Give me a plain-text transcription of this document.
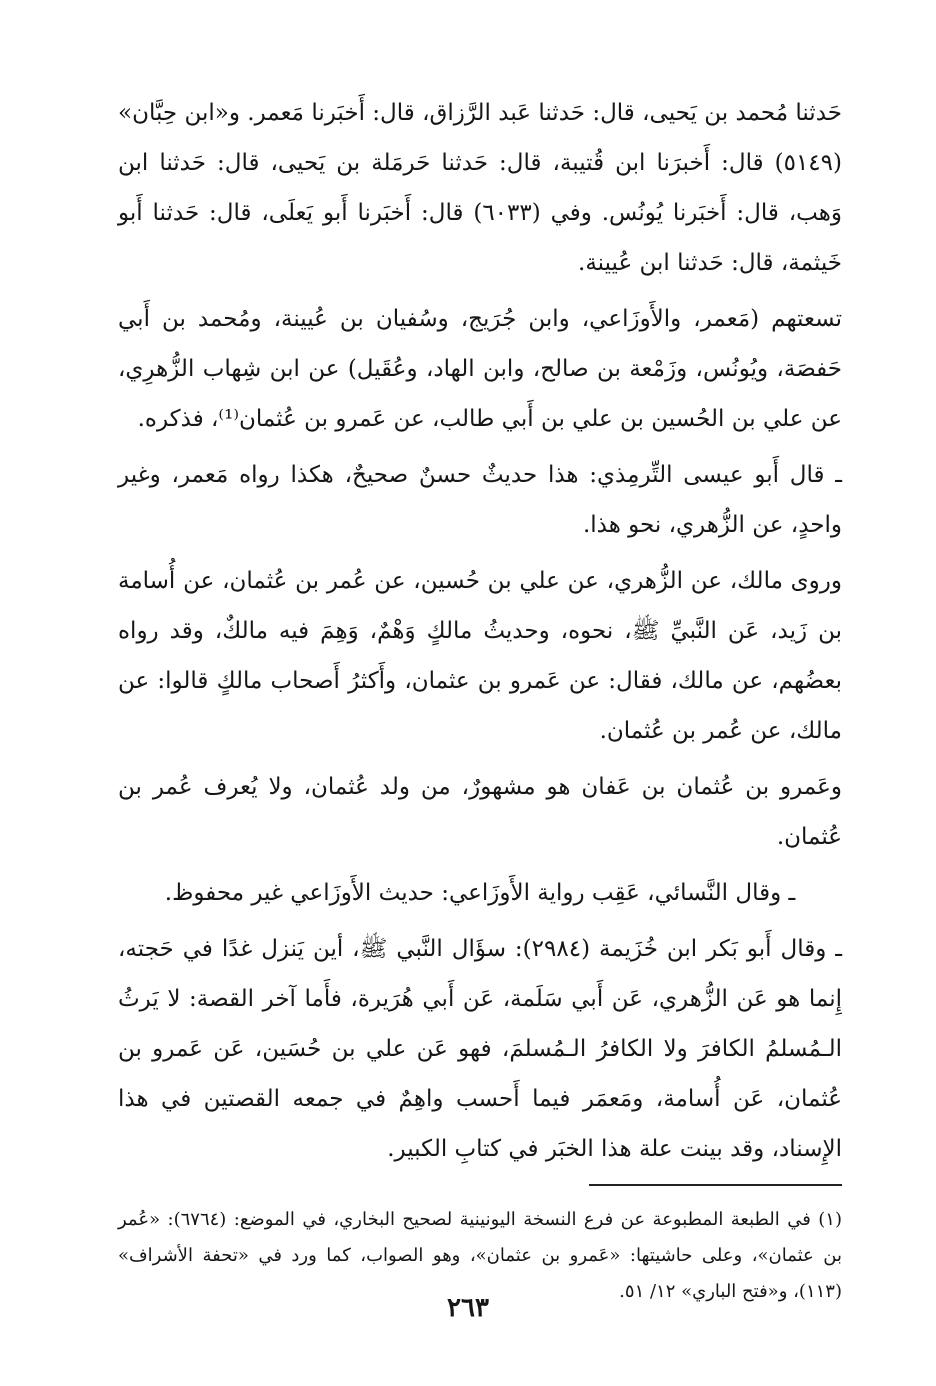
حَدثنا مُحمد بن يَحيى، قال: حَدثنا عَبد الرَّزاق، قال: أَخبَرنا مَعمر. و«ابن حِبَّان» (٥١٤٩) قال: أَخبرَنا ابن قُتيبة، قال: حَدثنا حَرمَلة بن يَحيى، قال: حَدثنا ابن وَهب، قال: أَخبَرنا يُونُس. وفي (٦٠٣٣) قال: أَخبَرنا أَبو يَعلَى، قال: حَدثنا أَبو خَيثمة، قال: حَدثنا ابن عُيينة.

تسعتهم (مَعمر، والأَوزَاعي، وابن جُرَيج، وسُفيان بن عُيينة، ومُحمد بن أَبي حَفصَة، ويُونُس، وزَمْعة بن صالح، وابن الهاد، وعُقَيل) عن ابن شِهاب الزُّهرِي، عن علي بن الحُسين بن علي بن أَبي طالب، عن عَمرو بن عُثمان⁽¹⁾، فذكره.

ـ قال أَبو عيسى التِّرمِذي: هذا حديثٌ حسنٌ صحيحٌ، هكذا رواه مَعمر، وغير واحدٍ، عن الزُّهري، نحو هذا.

وروى مالك، عن الزُّهري، عن علي بن حُسين، عن عُمر بن عُثمان، عن أُسامة بن زَيد، عَن النَّبيِّ ﷺ، نحوه، وحديثُ مالكٍ وَهْمٌ، وَهِمَ فيه مالكٌ، وقد رواه بعضُهم، عن مالك، فقال: عن عَمرو بن عثمان، وأَكثرُ أَصحاب مالكٍ قالوا: عن مالك، عن عُمر بن عُثمان.

وعَمرو بن عُثمان بن عَفان هو مشهورٌ، من ولد عُثمان، ولا يُعرف عُمر بن عُثمان.

ـ وقال النَّسائي، عَقِب رواية الأَوزَاعي: حديث الأَوزَاعي غير محفوظ.

ـ وقال أَبو بَكر ابن خُزَيمة (٢٩٨٤): سؤَال النَّبي ﷺ، أين يَنزل غدًا في حَجته، إِنما هو عَن الزُّهري، عَن أَبي سَلَمة، عَن أَبي هُرَيرة، فأَما آخر القصة: لا يَرثُ الـمُسلمُ الكافرَ ولا الكافرُ الـمُسلمَ، فهو عَن علي بن حُسَين، عَن عَمرو بن عُثمان، عَن أُسامة، ومَعمَر فيما أَحسب واهِمٌ في جمعه القصتين في هذا الإِسناد، وقد بينت علة هذا الخبَر في كتابِ الكبير.

(١) في الطبعة المطبوعة عن فرع النسخة اليونينية لصحيح البخاري، في الموضع: (٦٧٦٤): «عُمر بن عثمان»، وعلى حاشيتها: «عَمرو بن عثمان»، وهو الصواب، كما ورد في «تحفة الأشراف» (١١٣)، و«فتح الباري» ١٢/ ٥١.

٢٦٣
